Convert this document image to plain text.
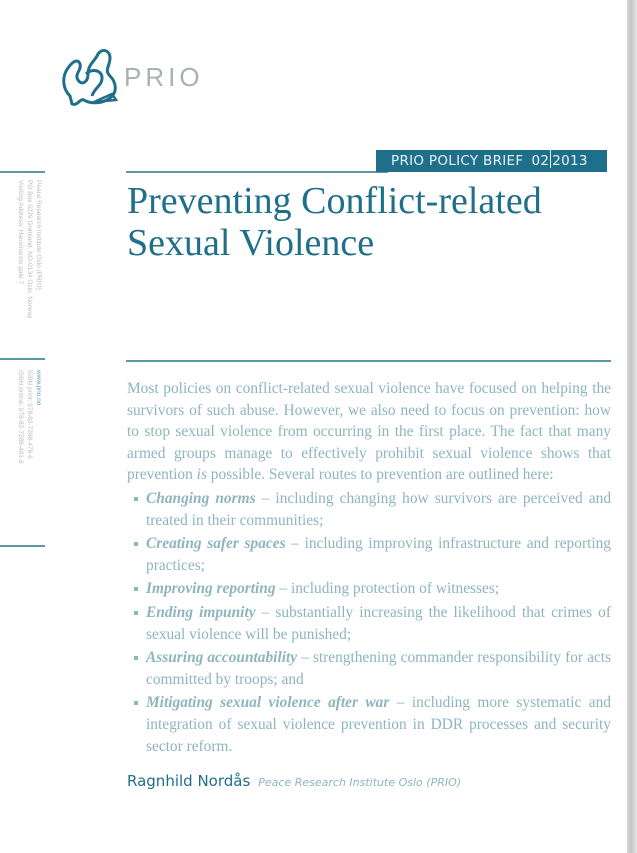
PRIO
PRIO POLICY BRIEF 02 2013
Preventing Conflict-related
Sexual Violence
Peace Research Institute Oslo (PRIO)
PO Box 9229 Grønland, NO-0134 Oslo, Norway
Visiting Address: Hausmanns gate 7
www.prio.no
ISBN print: 978-82-7288-478-6
ISBN online: 978-82-7288-481-6	Most policies on conflict-related sexual violence have focused on helping the survivors of such abuse. However, we also need to focus on prevention: how to stop sexual violence from occurring in the first place. The fact that many armed groups manage to effectively prohibit sexual violence shows that prevention is possible. Several routes to prevention are outlined here:

Changing norms – including changing how survivors are perceived and treated in their communities;
Creating safer spaces – including improving infrastructure and reporting practices;
Improving reporting – including protection of witnesses;
Ending impunity – substantially increasing the likelihood that crimes of sexual violence will be punished;
Assuring accountability – strengthening commander responsibility for acts committed by troops; and
Mitigating sexual violence after war – including more systematic and integration of sexual violence prevention in DDR processes and security sector reform.
Ragnhild Nordås Peace Research Institute Oslo (PRIO)
